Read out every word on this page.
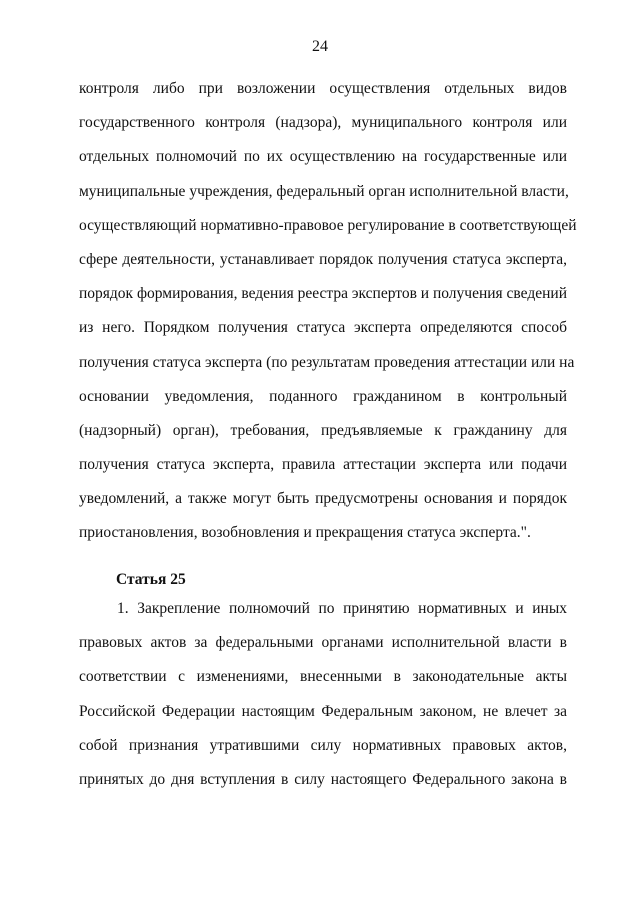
24
контроля либо при возложении осуществления отдельных видов
государственного контроля (надзора), муниципального контроля или
отдельных полномочий по их осуществлению на государственные или
муниципальные учреждения, федеральный орган исполнительной власти,
осуществляющий нормативно-правовое регулирование в соответствующей
сфере деятельности, устанавливает порядок получения статуса эксперта,
порядок формирования, ведения реестра экспертов и получения сведений
из него. Порядком получения статуса эксперта определяются способ
получения статуса эксперта (по результатам проведения аттестации или на
основании уведомления, поданного гражданином в контрольный
(надзорный) орган), требования, предъявляемые к гражданину для
получения статуса эксперта, правила аттестации эксперта или подачи
уведомлений, а также могут быть предусмотрены основания и порядок
приостановления, возобновления и прекращения статуса эксперта.".
Статья 25
1. Закрепление полномочий по принятию нормативных и иных
правовых актов за федеральными органами исполнительной власти в
соответствии с изменениями, внесенными в законодательные акты
Российской Федерации настоящим Федеральным законом, не влечет за
собой признания утратившими силу нормативных правовых актов,
принятых до дня вступления в силу настоящего Федерального закона в
